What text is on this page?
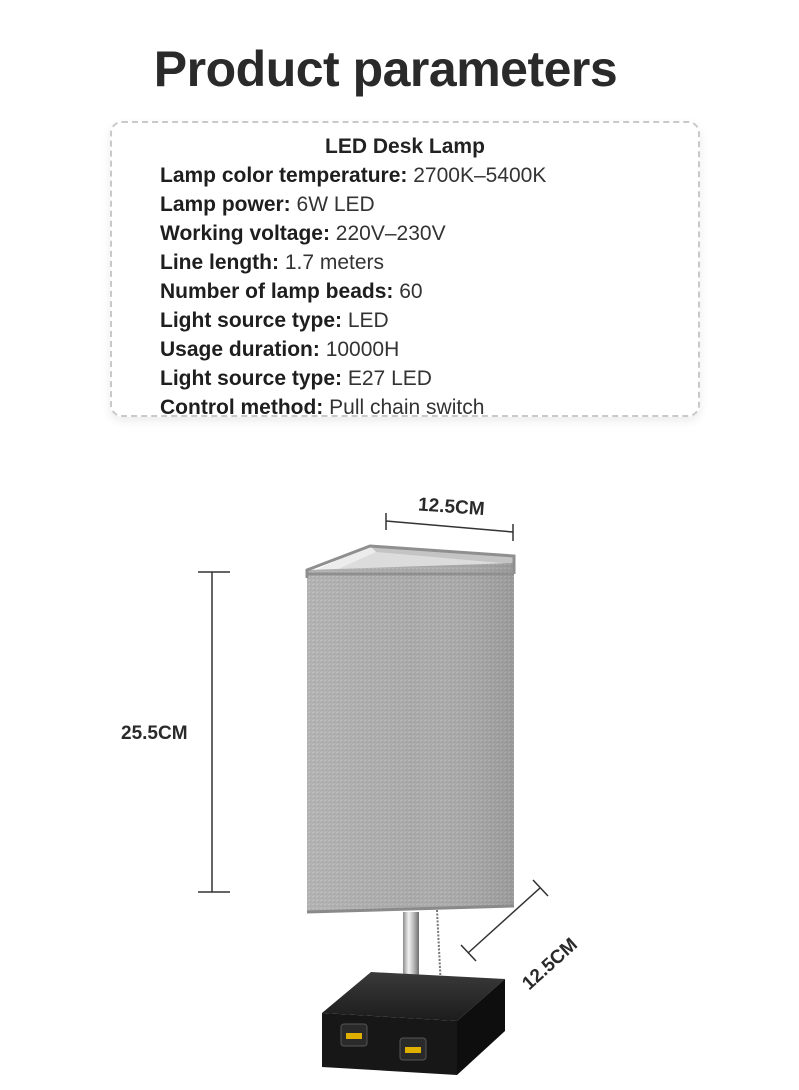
Product parameters
LED Desk Lamp
Lamp color temperature: 2700K–5400K
Lamp power: 6W LED
Working voltage: 220V–230V
Line length: 1.7 meters
Number of lamp beads: 60
Light source type: LED
Usage duration: 10000H
Light source type: E27 LED
Control method: Pull chain switch
12.5CM
25.5CM
12.5CM
